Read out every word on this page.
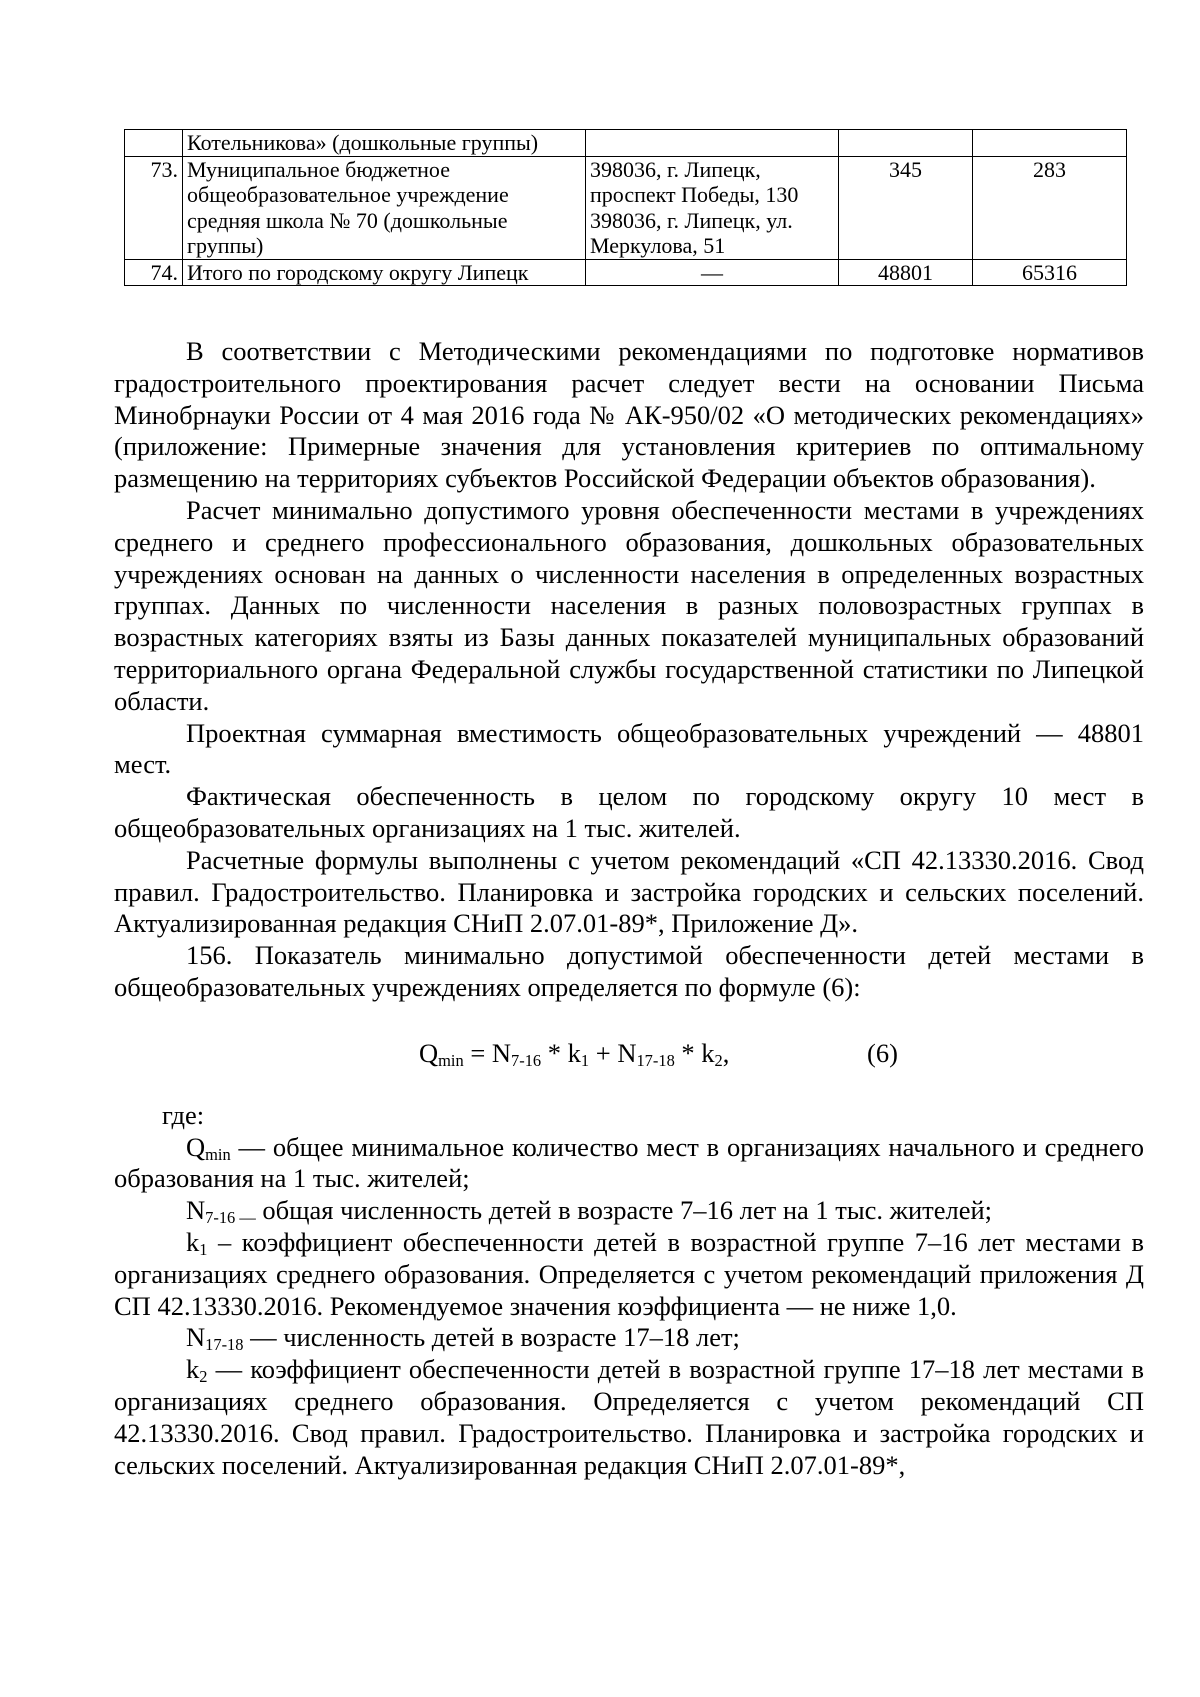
	Котельникова» (дошкольные группы)			
73.	Муниципальное бюджетное общеобразовательное учреждение средняя школа № 70 (дошкольные группы)	398036, г. Липецк, проспект Победы, 130 398036, г. Липецк, ул. Меркулова, 51	345	283
74.	Итого по городскому округу Липецк	—	48801	65316

В соответствии с Методическими рекомендациями по подготовке нормативов градостроительного проектирования расчет следует вести на основании Письма Минобрнауки России от 4 мая 2016 года № АК-950/02 «О методических рекомендациях» (приложение: Примерные значения для установления критериев по оптимальному размещению на территориях субъектов Российской Федерации объектов образования).

Расчет минимально допустимого уровня обеспеченности местами в учреждениях среднего и среднего профессионального образования, дошкольных образовательных учреждениях основан на данных о численности населения в определенных возрастных группах. Данных по численности населения в разных половозрастных группах в возрастных категориях взяты из Базы данных показателей муниципальных образований территориального органа Федеральной службы государственной статистики по Липецкой области.

Проектная суммарная вместимость общеобразовательных учреждений — 48801 мест.

Фактическая обеспеченность в целом по городскому округу 10 мест в общеобразовательных организациях на 1 тыс. жителей.

Расчетные формулы выполнены с учетом рекомендаций «СП 42.13330.2016. Свод правил. Градостроительство. Планировка и застройка городских и сельских поселений. Актуализированная редакция СНиП 2.07.01-89*, Приложение Д».

156. Показатель минимально допустимой обеспеченности детей местами в общеобразовательных учреждениях определяется по формуле (6):

$Q_{min} = N_{7-16} * k_1 + N_{17-18} * k_2$,	(6)

где:

$Q_{min}$ — общее минимальное количество мест в организациях начального и среднего образования на 1 тыс. жителей;

$N_{7-16 —}$ общая численность детей в возрасте 7–16 лет на 1 тыс. жителей;

$k_1$ – коэффициент обеспеченности детей в возрастной группе 7–16 лет местами в организациях среднего образования. Определяется с учетом рекомендаций приложения Д СП 42.13330.2016. Рекомендуемое значения коэффициента — не ниже 1,0.

$N_{17-18}$ — численность детей в возрасте 17–18 лет;

$k_2$ — коэффициент обеспеченности детей в возрастной группе 17–18 лет местами в организациях среднего образования. Определяется с учетом рекомендаций СП 42.13330.2016. Свод правил. Градостроительство. Планировка и застройка городских и сельских поселений. Актуализированная редакция СНиП 2.07.01-89*,
